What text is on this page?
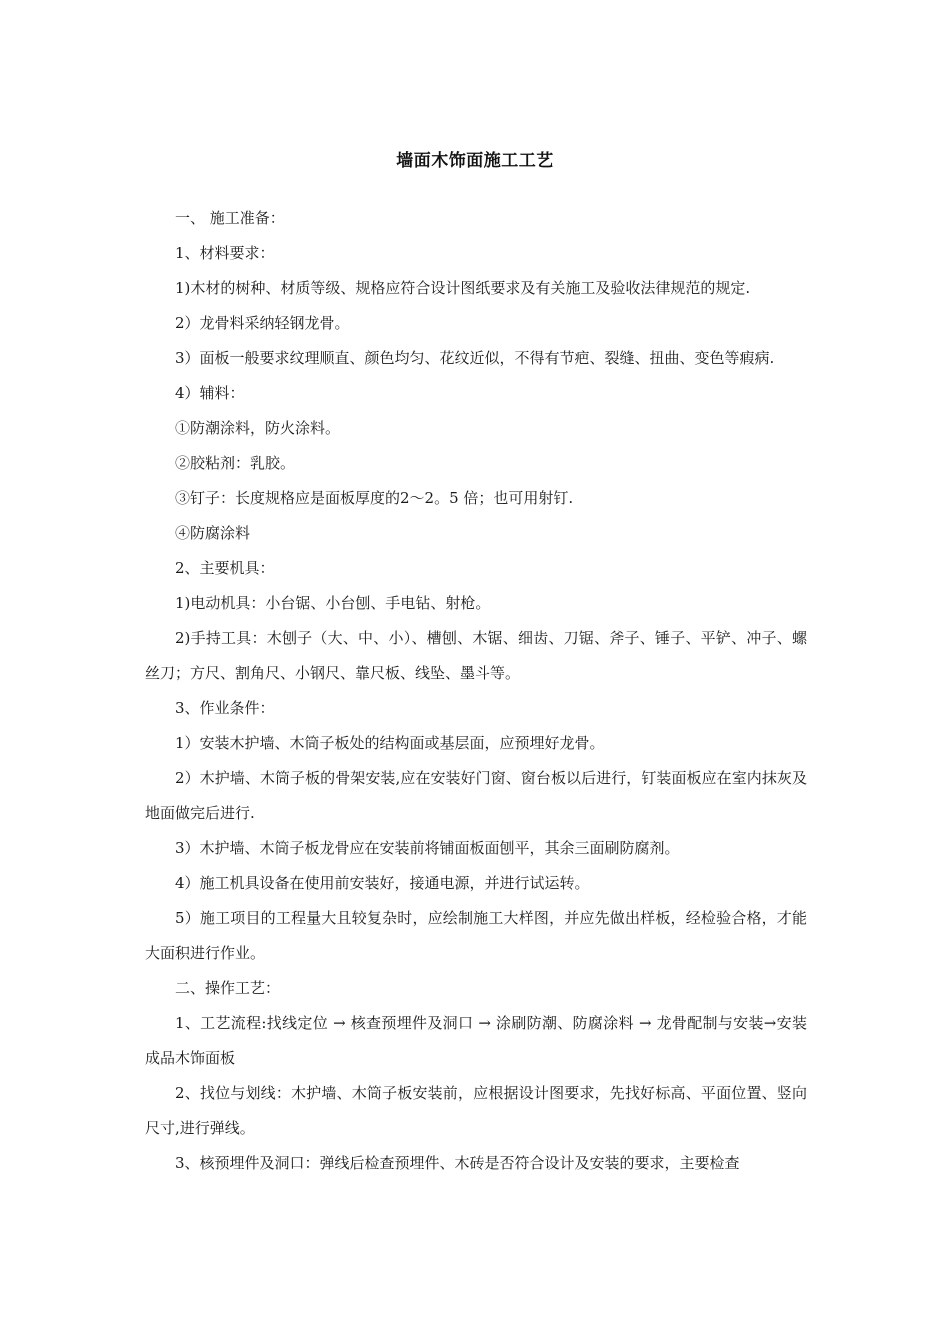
墙面木饰面施工工艺

一、 施工准备：

1、材料要求：

1)木材的树种、材质等级、规格应符合设计图纸要求及有关施工及验收法律规范的规定.

2）龙骨料采纳轻钢龙骨。

3）面板一般要求纹理顺直、颜色均匀、花纹近似，不得有节疤、裂缝、扭曲、变色等瘕病.

4）辅料：

①防潮涂料，防火涂料。

②胶粘剂：乳胶。

③钉子：长度规格应是面板厚度的2～2。5 倍；也可用射钉.

④防腐涂料

2、主要机具：

1)电动机具：小台锯、小台刨、手电钻、射枪。

2)手持工具：木刨子（大、中、小）、槽刨、木锯、细齿、刀锯、斧子、锤子、平铲、冲子、螺丝刀；方尺、割角尺、小钢尺、靠尺板、线坠、墨斗等。

3、作业条件：

1）安装木护墙、木筒子板处的结构面或基层面，应预埋好龙骨。

2）木护墙、木筒子板的骨架安装,应在安装好门窗、窗台板以后进行，钉装面板应在室内抹灰及地面做完后进行.

3）木护墙、木筒子板龙骨应在安装前将铺面板面刨平，其余三面刷防腐剂。

4）施工机具设备在使用前安装好，接通电源，并进行试运转。

5）施工项目的工程量大且较复杂时，应绘制施工大样图，并应先做出样板，经检验合格，才能大面积进行作业。

二、操作工艺：

1、工艺流程:找线定位 → 核查预埋件及洞口 → 涂刷防潮、防腐涂料 → 龙骨配制与安装→安装成品木饰面板

2、找位与划线：木护墙、木筒子板安装前，应根据设计图要求，先找好标高、平面位置、竖向尺寸,进行弹线。

3、核预埋件及洞口：弹线后检查预埋件、木砖是否符合设计及安装的要求，主要检查
